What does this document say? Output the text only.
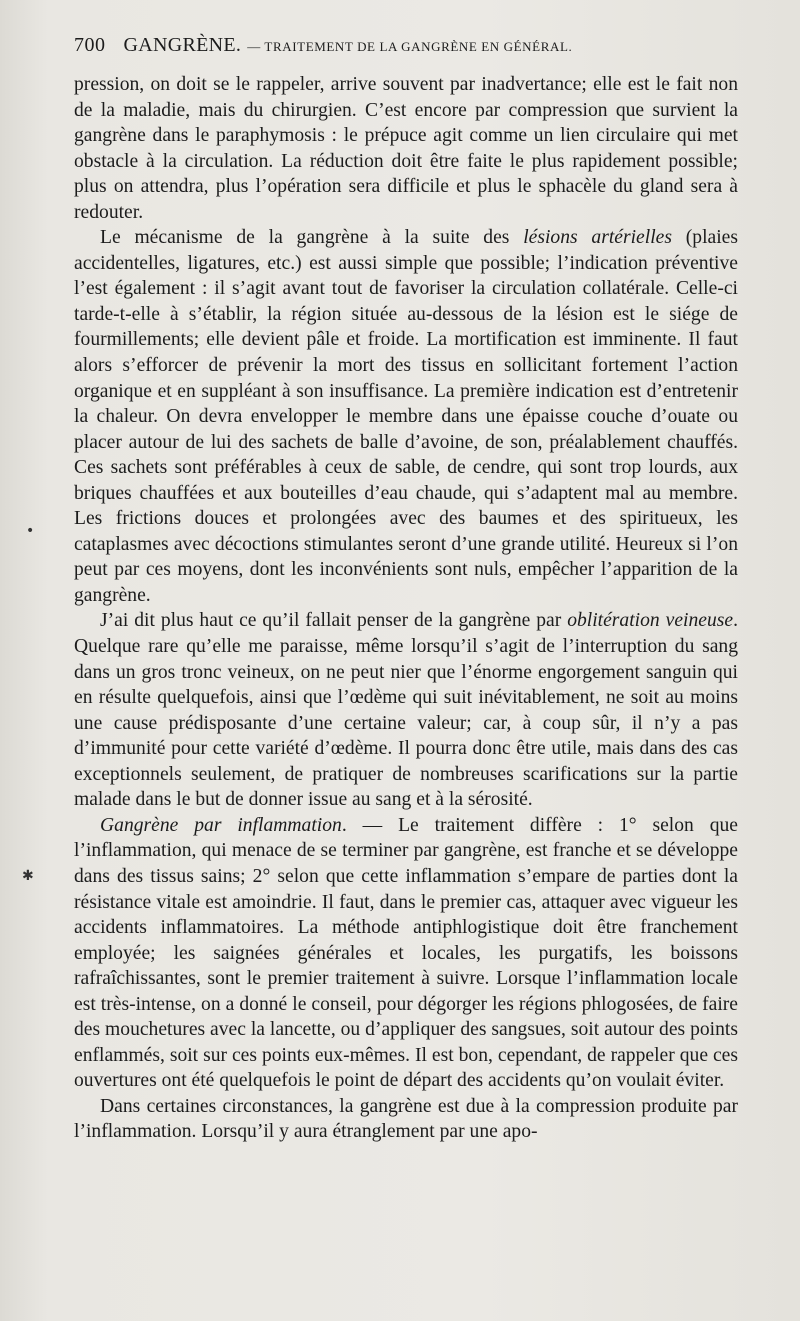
700 GANGRÈNE. — TRAITEMENT DE LA GANGRÈNE EN GÉNÉRAL.

pression, on doit se le rappeler, arrive souvent par inadvertance; elle est le fait non de la maladie, mais du chirurgien. C’est encore par compression que survient la gangrène dans le paraphymosis : le prépuce agit comme un lien circulaire qui met obstacle à la circulation. La réduction doit être faite le plus rapidement possible; plus on attendra, plus l’opération sera difficile et plus le sphacèle du gland sera à redouter.

Le mécanisme de la gangrène à la suite des lésions artérielles (plaies accidentelles, ligatures, etc.) est aussi simple que possible; l’indication préventive l’est également : il s’agit avant tout de favoriser la circulation collatérale. Celle-ci tarde-t-elle à s’établir, la région située au-dessous de la lésion est le siége de fourmillements; elle devient pâle et froide. La mortification est imminente. Il faut alors s’efforcer de prévenir la mort des tissus en sollicitant fortement l’action organique et en suppléant à son insuffisance. La première indication est d’entretenir la chaleur. On devra envelopper le membre dans une épaisse couche d’ouate ou placer autour de lui des sachets de balle d’avoine, de son, préalablement chauffés. Ces sachets sont préférables à ceux de sable, de cendre, qui sont trop lourds, aux briques chauffées et aux bouteilles d’eau chaude, qui s’adaptent mal au membre. Les frictions douces et prolongées avec des baumes et des spiritueux, les cataplasmes avec décoctions stimulantes seront d’une grande utilité. Heureux si l’on peut par ces moyens, dont les inconvénients sont nuls, empêcher l’apparition de la gangrène.

J’ai dit plus haut ce qu’il fallait penser de la gangrène par oblitération veineuse. Quelque rare qu’elle me paraisse, même lorsqu’il s’agit de l’interruption du sang dans un gros tronc veineux, on ne peut nier que l’énorme engorgement sanguin qui en résulte quelquefois, ainsi que l’œdème qui suit inévitablement, ne soit au moins une cause prédisposante d’une certaine valeur; car, à coup sûr, il n’y a pas d’immunité pour cette variété d’œdème. Il pourra donc être utile, mais dans des cas exceptionnels seulement, de pratiquer de nombreuses scarifications sur la partie malade dans le but de donner issue au sang et à la sérosité.

Gangrène par inflammation. — Le traitement diffère : 1° selon que l’inflammation, qui menace de se terminer par gangrène, est franche et se développe dans des tissus sains; 2° selon que cette inflammation s’empare de parties dont la résistance vitale est amoindrie. Il faut, dans le premier cas, attaquer avec vigueur les accidents inflammatoires. La méthode antiphlogistique doit être franchement employée; les saignées générales et locales, les purgatifs, les boissons rafraîchissantes, sont le premier traitement à suivre. Lorsque l’inflammation locale est très-intense, on a donné le conseil, pour dégorger les régions phlogosées, de faire des mouchetures avec la lancette, ou d’appliquer des sangsues, soit autour des points enflammés, soit sur ces points eux-mêmes. Il est bon, cependant, de rappeler que ces ouvertures ont été quelquefois le point de départ des accidents qu’on voulait éviter.

Dans certaines circonstances, la gangrène est due à la compression produite par l’inflammation. Lorsqu’il y aura étranglement par une apo-

•
✱
